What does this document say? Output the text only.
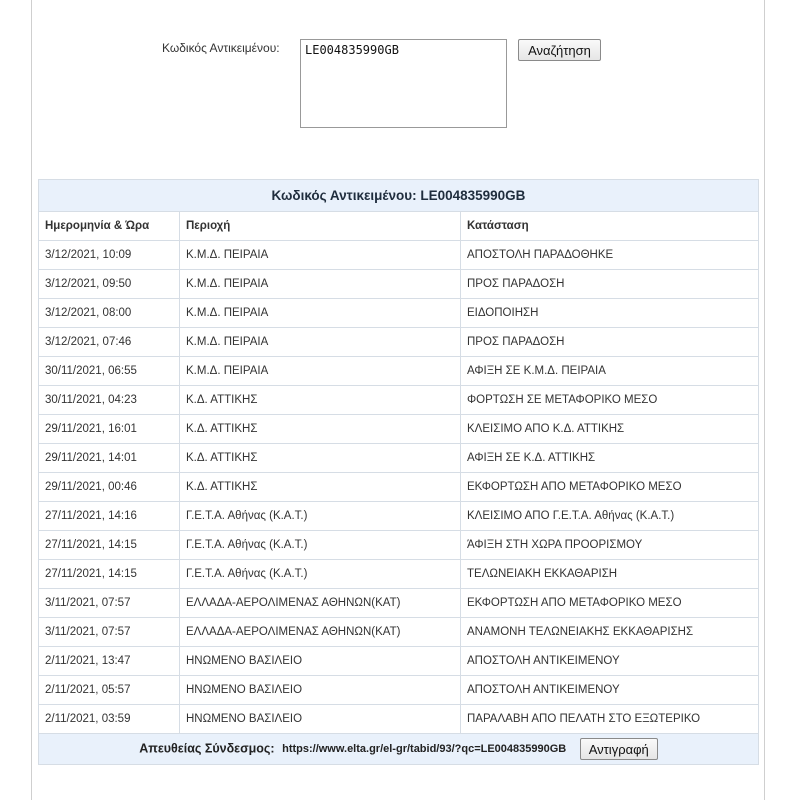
Κωδικός Αντικειμένου:
LE004835990GB	Αναζήτηση
Κωδικός Αντικειμένου: LE004835990GB		
Ημερομηνία & Ώρα	Περιοχή	Κατάσταση
3/12/2021, 10:09	Κ.Μ.Δ. ΠΕΙΡΑΙΑ	ΑΠΟΣΤΟΛΗ ΠΑΡΑΔΟΘΗΚΕ
3/12/2021, 09:50	Κ.Μ.Δ. ΠΕΙΡΑΙΑ	ΠΡΟΣ ΠΑΡΑΔΟΣΗ
3/12/2021, 08:00	Κ.Μ.Δ. ΠΕΙΡΑΙΑ	ΕΙΔΟΠΟΙΗΣΗ
3/12/2021, 07:46	Κ.Μ.Δ. ΠΕΙΡΑΙΑ	ΠΡΟΣ ΠΑΡΑΔΟΣΗ
30/11/2021, 06:55	Κ.Μ.Δ. ΠΕΙΡΑΙΑ	ΑΦΙΞΗ ΣΕ Κ.Μ.Δ. ΠΕΙΡΑΙΑ
30/11/2021, 04:23	Κ.Δ. ΑΤΤΙΚΗΣ	ΦΟΡΤΩΣΗ ΣΕ ΜΕΤΑΦΟΡΙΚΟ ΜΕΣΟ
29/11/2021, 16:01	Κ.Δ. ΑΤΤΙΚΗΣ	ΚΛΕΙΣΙΜΟ ΑΠΟ Κ.Δ. ΑΤΤΙΚΗΣ
29/11/2021, 14:01	Κ.Δ. ΑΤΤΙΚΗΣ	ΑΦΙΞΗ ΣΕ Κ.Δ. ΑΤΤΙΚΗΣ
29/11/2021, 00:46	Κ.Δ. ΑΤΤΙΚΗΣ	ΕΚΦΟΡΤΩΣΗ ΑΠΟ ΜΕΤΑΦΟΡΙΚΟ ΜΕΣΟ
27/11/2021, 14:16	Γ.Ε.Τ.Α. Αθήνας (Κ.Α.Τ.)	ΚΛΕΙΣΙΜΟ ΑΠΟ Γ.Ε.Τ.Α. Αθήνας (Κ.Α.Τ.)
27/11/2021, 14:15	Γ.Ε.Τ.Α. Αθήνας (Κ.Α.Τ.)	ΆΦΙΞΗ ΣΤΗ ΧΩΡΑ ΠΡΟΟΡΙΣΜΟΥ
27/11/2021, 14:15	Γ.Ε.Τ.Α. Αθήνας (Κ.Α.Τ.)	ΤΕΛΩΝΕΙΑΚΗ ΕΚΚΑΘΑΡΙΣΗ
3/11/2021, 07:57	ΕΛΛΑΔΑ-ΑΕΡΟΛΙΜΕΝΑΣ ΑΘΗΝΩΝ(ΚΑΤ)	ΕΚΦΟΡΤΩΣΗ ΑΠΟ ΜΕΤΑΦΟΡΙΚΟ ΜΕΣΟ
3/11/2021, 07:57	ΕΛΛΑΔΑ-ΑΕΡΟΛΙΜΕΝΑΣ ΑΘΗΝΩΝ(ΚΑΤ)	ΑΝΑΜΟΝΗ ΤΕΛΩΝΕΙΑΚΗΣ ΕΚΚΑΘΑΡΙΣΗΣ
2/11/2021, 13:47	ΗΝΩΜΕΝΟ ΒΑΣΙΛΕΙΟ	ΑΠΟΣΤΟΛΗ ΑΝΤΙΚΕΙΜΕΝΟΥ
2/11/2021, 05:57	ΗΝΩΜΕΝΟ ΒΑΣΙΛΕΙΟ	ΑΠΟΣΤΟΛΗ ΑΝΤΙΚΕΙΜΕΝΟΥ
2/11/2021, 03:59	ΗΝΩΜΕΝΟ ΒΑΣΙΛΕΙΟ	ΠΑΡΑΛΑΒΗ ΑΠΟ ΠΕΛΑΤΗ ΣΤΟ ΕΞΩΤΕΡΙΚΟ
Απευθείας Σύνδεσμος: https://www.elta.gr/el-gr/tabid/93/?qc=LE004835990GB Αντιγραφή		
